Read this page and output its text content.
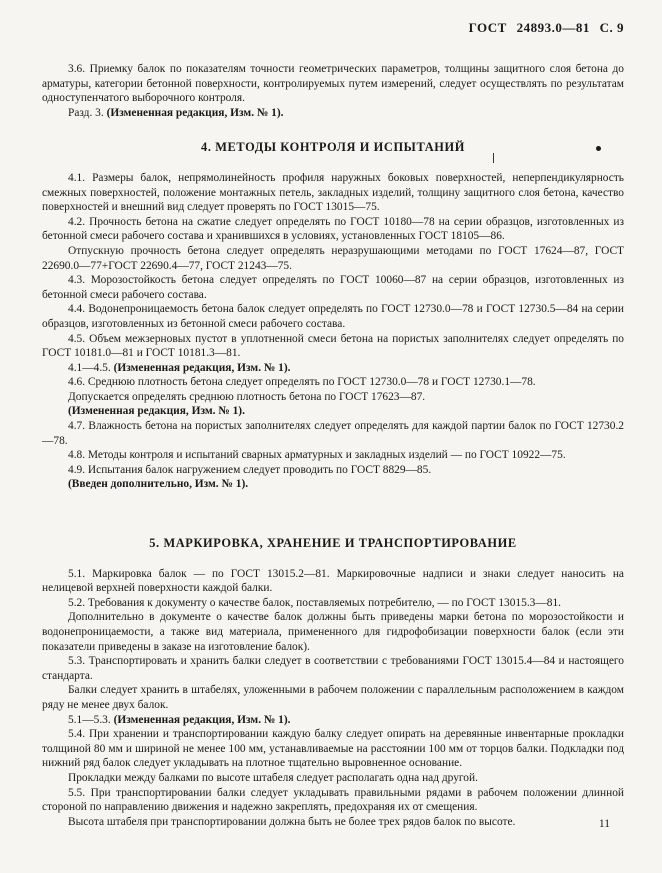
ГОСТ 24893.0—81 С. 9

3.6. Приемку балок по показателям точности геометрических параметров, толщины защитного слоя бетона до арматуры, категории бетонной поверхности, контролируемых путем измерений, следует осуществлять по результатам одноступенчатого выборочного контроля.

Разд. 3. (Измененная редакция, Изм. № 1).

4. МЕТОДЫ КОНТРОЛЯ И ИСПЫТАНИЙ

4.1. Размеры балок, непрямолинейность профиля наружных боковых поверхностей, неперпендикулярность смежных поверхностей, положение монтажных петель, закладных изделий, толщину защитного слоя бетона, качество поверхностей и внешний вид следует проверять по ГОСТ 13015—75.

4.2. Прочность бетона на сжатие следует определять по ГОСТ 10180—78 на серии образцов, изготовленных из бетонной смеси рабочего состава и хранившихся в условиях, установленных ГОСТ 18105—86.

Отпускную прочность бетона следует определять неразрушающими методами по ГОСТ 17624—87, ГОСТ 22690.0—77+ГОСТ 22690.4—77, ГОСТ 21243—75.

4.3. Морозостойкость бетона следует определять по ГОСТ 10060—87 на серии образцов, изготовленных из бетонной смеси рабочего состава.

4.4. Водонепроницаемость бетона балок следует определять по ГОСТ 12730.0—78 и ГОСТ 12730.5—84 на серии образцов, изготовленных из бетонной смеси рабочего состава.

4.5. Объем межзерновых пустот в уплотненной смеси бетона на пористых заполнителях следует определять по ГОСТ 10181.0—81 и ГОСТ 10181.3—81.

4.1—4.5. (Измененная редакция, Изм. № 1).

4.6. Среднюю плотность бетона следует определять по ГОСТ 12730.0—78 и ГОСТ 12730.1—78.

Допускается определять среднюю плотность бетона по ГОСТ 17623—87.

(Измененная редакция, Изм. № 1).

4.7. Влажность бетона на пористых заполнителях следует определять для каждой партии балок по ГОСТ 12730.2—78.

4.8. Методы контроля и испытаний сварных арматурных и закладных изделий — по ГОСТ 10922—75.

4.9. Испытания балок нагружением следует проводить по ГОСТ 8829—85.

(Введен дополнительно, Изм. № 1).

5. МАРКИРОВКА, ХРАНЕНИЕ И ТРАНСПОРТИРОВАНИЕ

5.1. Маркировка балок — по ГОСТ 13015.2—81. Маркировочные надписи и знаки следует наносить на нелицевой верхней поверхности каждой балки.

5.2. Требования к документу о качестве балок, поставляемых потребителю, — по ГОСТ 13015.3—81.

Дополнительно в документе о качестве балок должны быть приведены марки бетона по морозостойкости и водонепроницаемости, а также вид материала, примененного для гидрофобизации поверхности балок (если эти показатели приведены в заказе на изготовление балок).

5.3. Транспортировать и хранить балки следует в соответствии с требованиями ГОСТ 13015.4—84 и настоящего стандарта.

Балки следует хранить в штабелях, уложенными в рабочем положении с параллельным расположением в каждом ряду не менее двух балок.

5.1—5.3. (Измененная редакция, Изм. № 1).

5.4. При хранении и транспортировании каждую балку следует опирать на деревянные инвентарные прокладки толщиной 80 мм и шириной не менее 100 мм, устанавливаемые на расстоянии 100 мм от торцов балки. Подкладки под нижний ряд балок следует укладывать на плотное тщательно выровненное основание.

Прокладки между балками по высоте штабеля следует располагать одна над другой.

5.5. При транспортировании балки следует укладывать правильными рядами в рабочем положении длинной стороной по направлению движения и надежно закреплять, предохраняя их от смещения.

Высота штабеля при транспортировании должна быть не более трех рядов балок по высоте.	11
